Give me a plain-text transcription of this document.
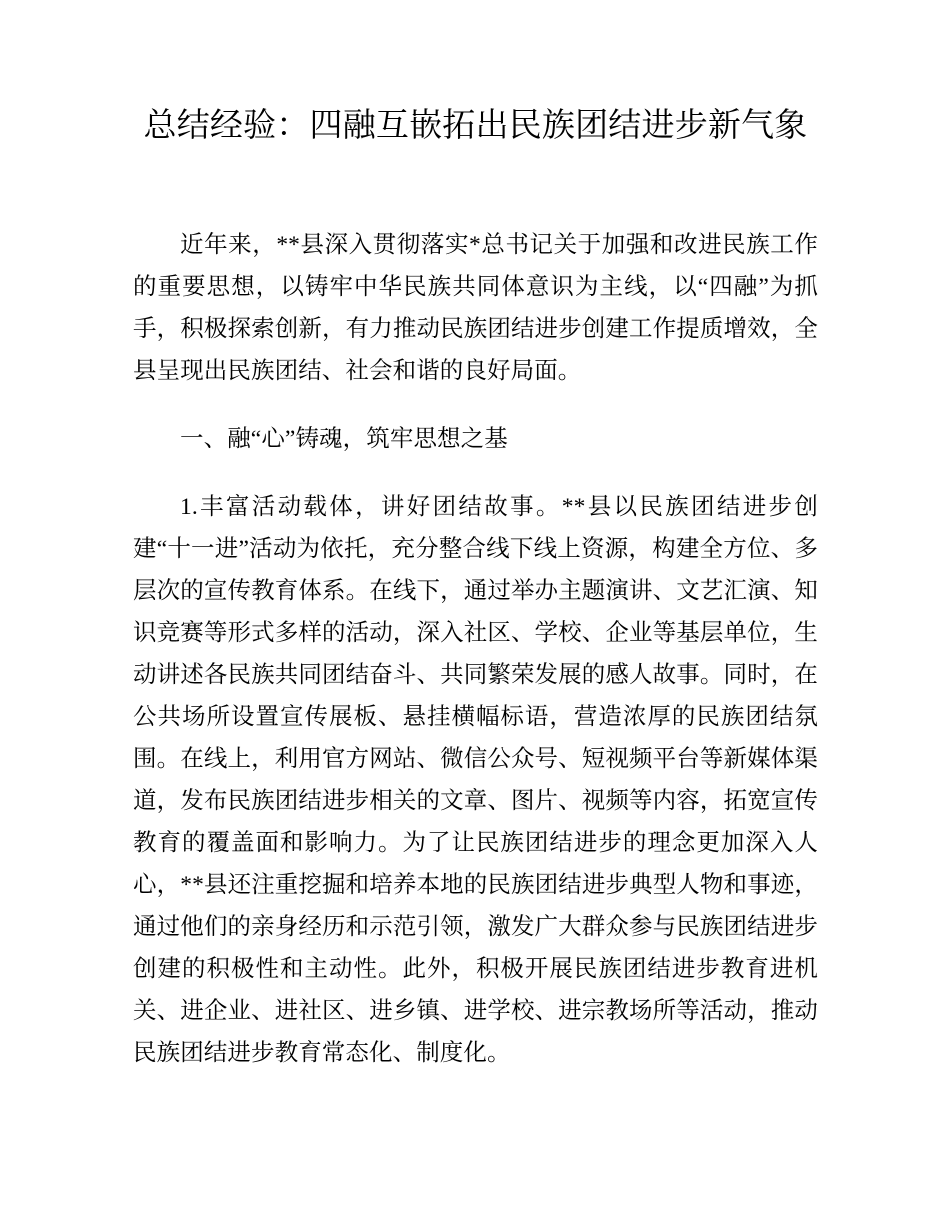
总结经验：四融互嵌拓出民族团结进步新气象

近年来，**县深入贯彻落实*总书记关于加强和改进民族工作的重要思想，以铸牢中华民族共同体意识为主线，以“四融”为抓手，积极探索创新，有力推动民族团结进步创建工作提质增效，全县呈现出民族团结、社会和谐的良好局面。

一、融“心”铸魂，筑牢思想之基

1.丰富活动载体，讲好团结故事。**县以民族团结进步创建“十一进”活动为依托，充分整合线下线上资源，构建全方位、多层次的宣传教育体系。在线下，通过举办主题演讲、文艺汇演、知识竞赛等形式多样的活动，深入社区、学校、企业等基层单位，生动讲述各民族共同团结奋斗、共同繁荣发展的感人故事。同时，在公共场所设置宣传展板、悬挂横幅标语，营造浓厚的民族团结氛围。在线上，利用官方网站、微信公众号、短视频平台等新媒体渠道，发布民族团结进步相关的文章、图片、视频等内容，拓宽宣传教育的覆盖面和影响力。为了让民族团结进步的理念更加深入人心，**县还注重挖掘和培养本地的民族团结进步典型人物和事迹，通过他们的亲身经历和示范引领，激发广大群众参与民族团结进步创建的积极性和主动性。此外，积极开展民族团结进步教育进机关、进企业、进社区、进乡镇、进学校、进宗教场所等活动，推动民族团结进步教育常态化、制度化。
